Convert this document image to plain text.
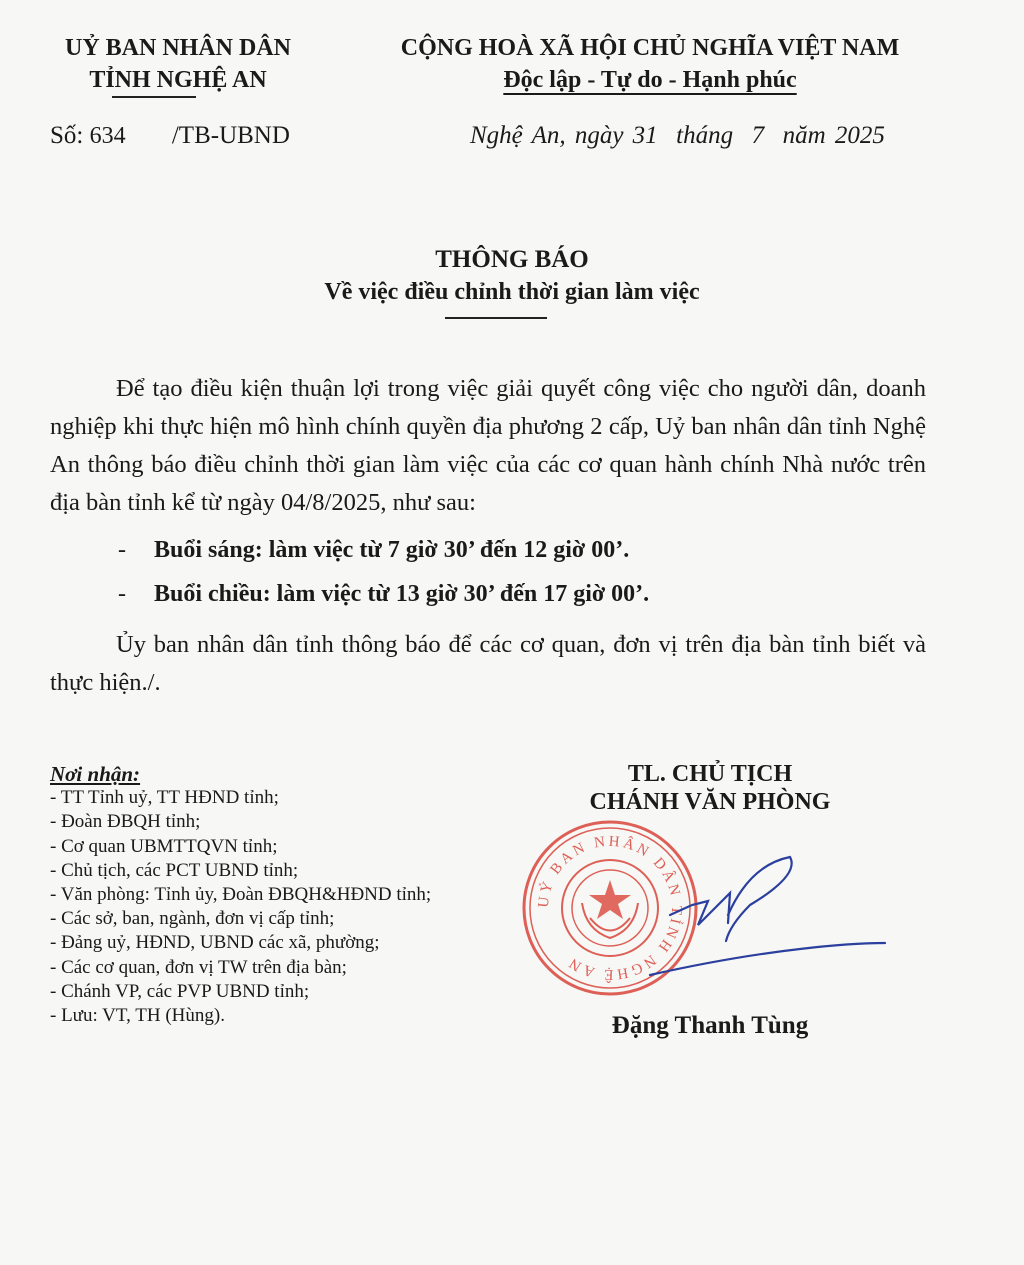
UỶ BAN NHÂN DÂN
TỈNH NGHỆ AN
CỘNG HOÀ XÃ HỘI CHỦ NGHĨA VIỆT NAM
Độc lập - Tự do - Hạnh phúc
Số: 634 /TB-UBND	Nghệ An, ngày 31  tháng  7  năm 2025
THÔNG BÁO
Về việc điều chỉnh thời gian làm việc
Để tạo điều kiện thuận lợi trong việc giải quyết công việc cho người dân, doanh nghiệp khi thực hiện mô hình chính quyền địa phương 2 cấp, Uỷ ban nhân dân tỉnh Nghệ An thông báo điều chỉnh thời gian làm việc của các cơ quan hành chính Nhà nước trên địa bàn tỉnh kể từ ngày 04/8/2025, như sau:
- Buổi sáng: làm việc từ 7 giờ 30’ đến 12 giờ 00’.
- Buổi chiều: làm việc từ 13 giờ 30’ đến 17 giờ 00’.
Ủy ban nhân dân tỉnh thông báo để các cơ quan, đơn vị trên địa bàn tỉnh biết và thực hiện./.
Nơi nhận:
- TT Tỉnh uỷ, TT HĐND tỉnh;
- Đoàn ĐBQH tỉnh;
- Cơ quan UBMTTQVN tỉnh;
- Chủ tịch, các PCT UBND tỉnh;
- Văn phòng: Tỉnh ủy, Đoàn ĐBQH&HĐND tỉnh;
- Các sở, ban, ngành, đơn vị cấp tỉnh;
- Đảng uỷ, HĐND, UBND các xã, phường;
- Các cơ quan, đơn vị TW trên địa bàn;
- Chánh VP, các PVP UBND tỉnh;
- Lưu: VT, TH (Hùng).
TL. CHỦ TỊCH
CHÁNH VĂN PHÒNG
UỶ BAN NHÂN DÂN TỈNH NGHỆ AN
Đặng Thanh Tùng
